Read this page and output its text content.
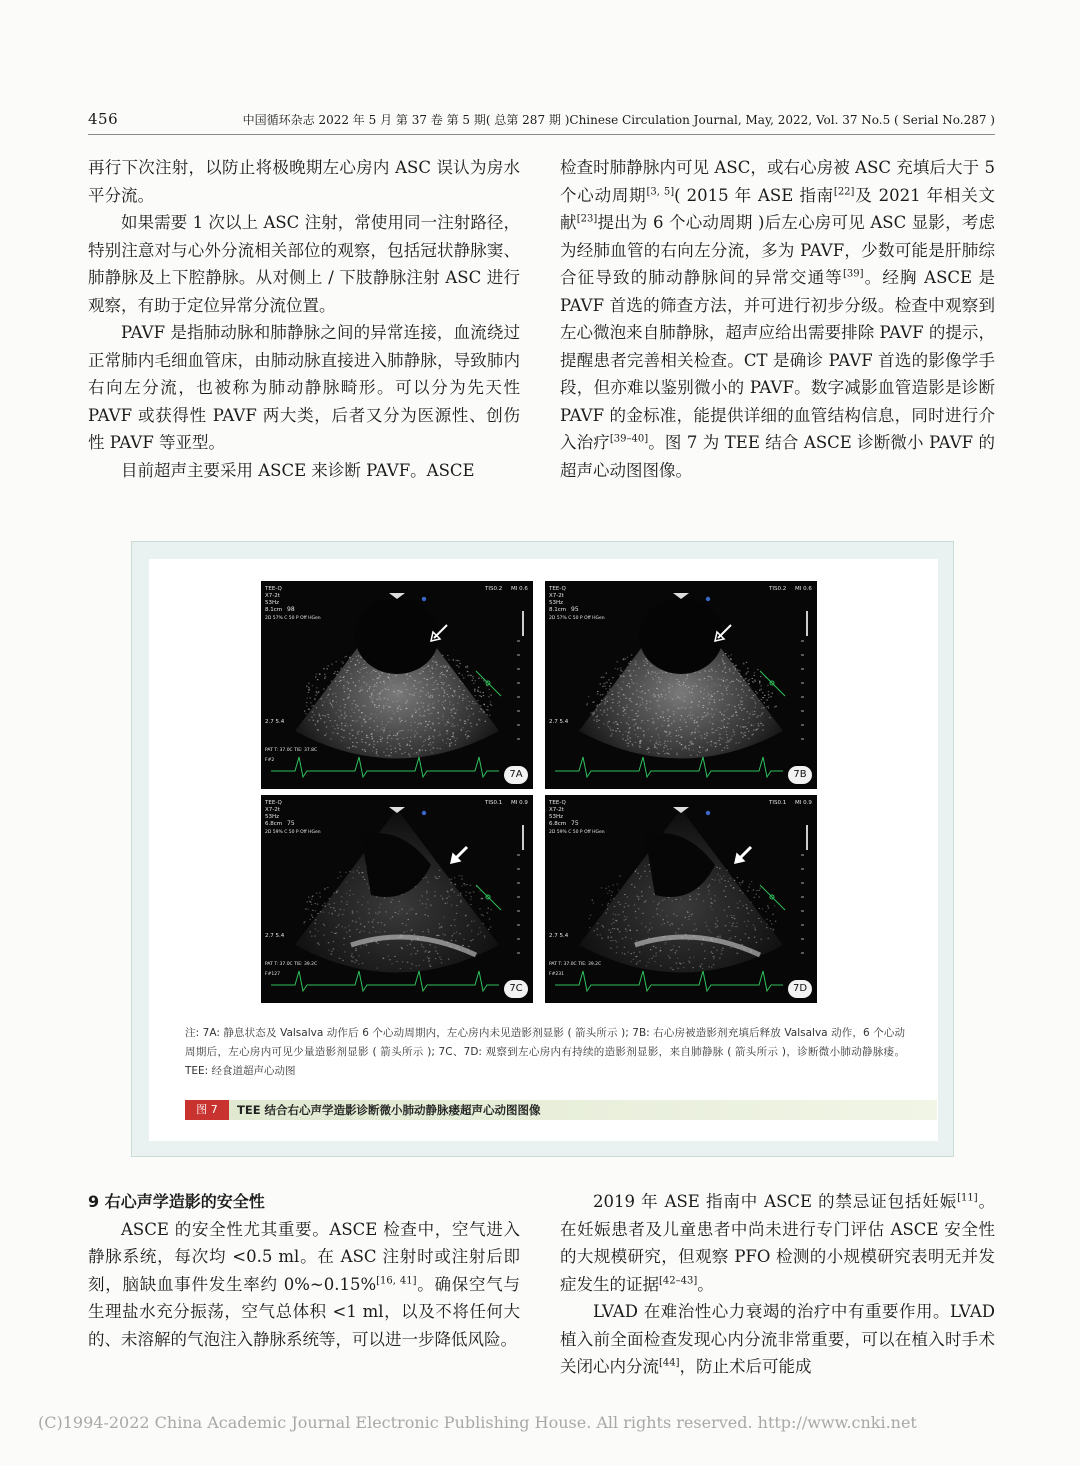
456	中国循环杂志 2022 年 5 月 第 37 卷 第 5 期( 总第 287 期 )Chinese Circulation Journal, May, 2022, Vol. 37 No.5 ( Serial No.287 )

再行下次注射，以防止将极晚期左心房内 ASC 误认为房水平分流。

如果需要 1 次以上 ASC 注射，常使用同一注射路径，特别注意对与心外分流相关部位的观察，包括冠状静脉窦、肺静脉及上下腔静脉。从对侧上 / 下肢静脉注射 ASC 进行观察，有助于定位异常分流位置。

PAVF 是指肺动脉和肺静脉之间的异常连接，血流绕过正常肺内毛细血管床，由肺动脉直接进入肺静脉，导致肺内右向左分流，也被称为肺动静脉畸形。可以分为先天性 PAVF 或获得性 PAVF 两大类，后者又分为医源性、创伤性 PAVF 等亚型。

目前超声主要采用 ASCE 来诊断 PAVF。ASCE

检查时肺静脉内可见 ASC，或右心房被 ASC 充填后大于 5 个心动周期[3, 5]( 2015 年 ASE 指南[22]及 2021 年相关文献[23]提出为 6 个心动周期 )后左心房可见 ASC 显影，考虑为经肺血管的右向左分流，多为 PAVF，少数可能是肝肺综合征导致的肺动静脉间的异常交通等[39]。经胸 ASCE 是 PAVF 首选的筛查方法，并可进行初步分级。检查中观察到左心微泡来自肺静脉，超声应给出需要排除 PAVF 的提示，提醒患者完善相关检查。CT 是确诊 PAVF 首选的影像学手段，但亦难以鉴别微小的 PAVF。数字减影血管造影是诊断 PAVF 的金标准，能提供详细的血管结构信息，同时进行介入治疗[39–40]。图 7 为 TEE 结合 ASCE 诊断微小 PAVF 的超声心动图图像。

TEE-Q
X7-2t
53Hz
8.1cm
2D 57% C 50 P Off HGen
98
TIS0.2 MI 0.6
2.7 5.4
PAT T: 37.0C TIE: 37.8C
F#2
7A
TEE-Q
X7-2t
53Hz
8.1cm
2D 57% C 50 P Off HGen
95
TIS0.2 MI 0.6
2.7 5.4
7B
TEE-Q
X7-2t
53Hz
6.8cm
2D 59% C 50 P Off HGen
75
TIS0.1 MI 0.9
2.7 5.4
PAT T: 37.0C TIE: 39.2C
F#127
7C
TEE-Q
X7-2t
53Hz
6.8cm
2D 59% C 50 P Off HGen
75
TIS0.1 MI 0.9
2.7 5.4
PAT T: 37.0C TIE: 39.2C
F#231
7D
注: 7A: 静息状态及 Valsalva 动作后 6 个心动周期内，左心房内未见造影剂显影 ( 箭头所示 ); 7B: 右心房被造影剂充填后释放 Valsalva 动作，6 个心动周期后，左心房内可见少量造影剂显影 ( 箭头所示 ); 7C、7D: 观察到左心房内有持续的造影剂显影，来自肺静脉 ( 箭头所示 )，诊断微小肺动静脉瘘。TEE: 经食道超声心动图
图 7	TEE 结合右心声学造影诊断微小肺动静脉瘘超声心动图图像

9 右心声学造影的安全性

ASCE 的安全性尤其重要。ASCE 检查中，空气进入静脉系统，每次均 <0.5 ml。在 ASC 注射时或注射后即刻，脑缺血事件发生率约 0%~0.15%[16, 41]。确保空气与生理盐水充分振荡，空气总体积 <1 ml，以及不将任何大的、未溶解的气泡注入静脉系统等，可以进一步降低风险。

2019 年 ASE 指南中 ASCE 的禁忌证包括妊娠[11]。在妊娠患者及儿童患者中尚未进行专门评估 ASCE 安全性的大规模研究，但观察 PFO 检测的小规模研究表明无并发症发生的证据[42–43]。

LVAD 在难治性心力衰竭的治疗中有重要作用。LVAD 植入前全面检查发现心内分流非常重要，可以在植入时手术关闭心内分流[44]，防止术后可能成

(C)1994-2022 China Academic Journal Electronic Publishing House. All rights reserved. http://www.cnki.net
